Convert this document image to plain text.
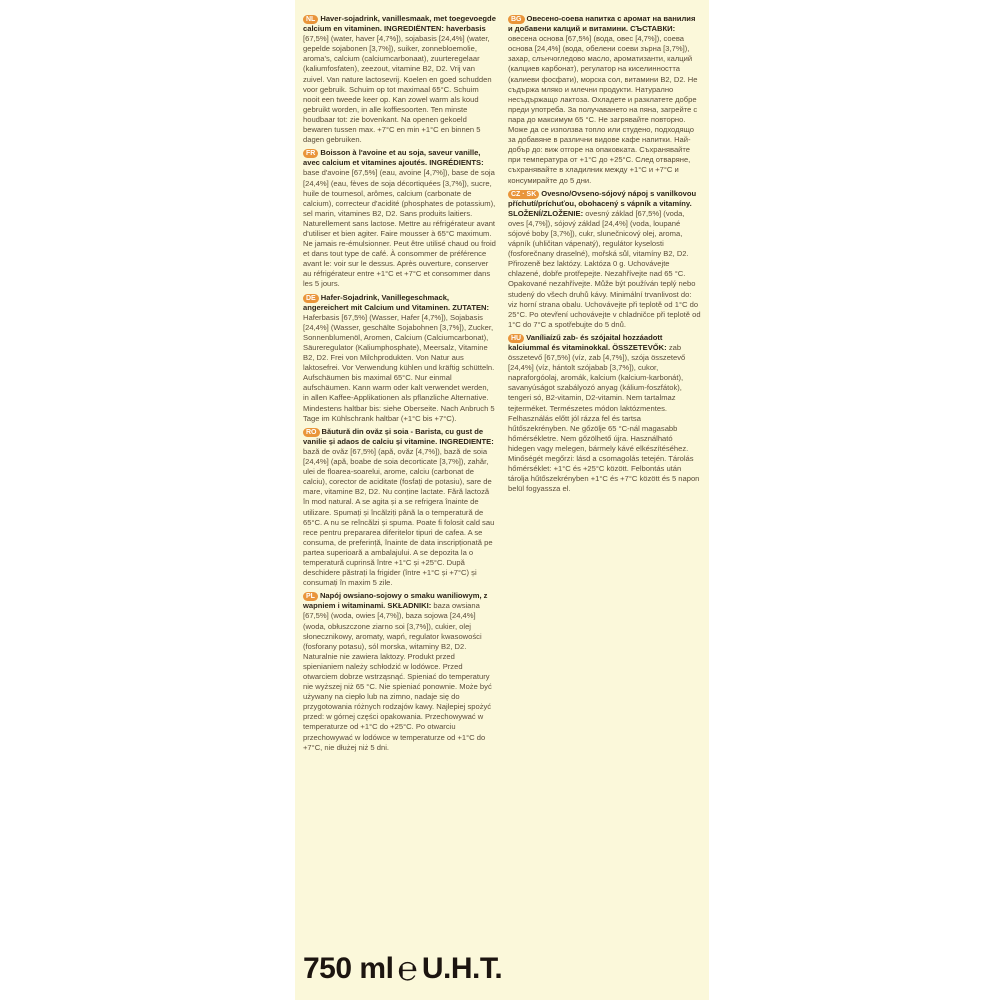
NL Haver-sojadrink, vanillesmaak, met toegevoegde calcium en vitaminen. INGREDIËNTEN: haverbasis [67,5%] (water, haver [4,7%]), sojabasis [24,4%] (water, gepelde sojabonen [3,7%]), suiker, zonnebloemolie, aroma's, calcium (calciumcarbonaat), zuurteregelaar (kaliumfosfaten), zeezout, vitamine B2, D2. Vrij van zuivel. Van nature lactosevrij. Koelen en goed schudden voor gebruik. Schuim op tot maximaal 65°C. Schuim nooit een tweede keer op. Kan zowel warm als koud gebruikt worden, in alle koffiesoorten. Ten minste houdbaar tot: zie bovenkant. Na openen gekoeld bewaren tussen max. +7°C en min +1°C en binnen 5 dagen gebruiken.
FR Boisson à l'avoine et au soja, saveur vanille, avec calcium et vitamines ajoutés. INGRÉDIENTS: base d'avoine [67,5%] (eau, avoine [4,7%]), base de soja [24,4%] (eau, fèves de soja décortiquées [3,7%]), sucre, huile de tournesol, arômes, calcium (carbonate de calcium), correcteur d'acidité (phosphates de potassium), sel marin, vitamines B2, D2. Sans produits laitiers. Naturellement sans lactose. Mettre au réfrigérateur avant d'utiliser et bien agiter. Faire mousser à 65°C maximum. Ne jamais re-émulsionner. Peut être utilisé chaud ou froid et dans tout type de café. À consommer de préférence avant le: voir sur le dessus. Après ouverture, conserver au réfrigérateur entre +1°C et +7°C et consommer dans les 5 jours.
DE Hafer-Sojadrink, Vanillegeschmack, angereichert mit Calcium und Vitaminen. ZUTATEN: Haferbasis [67,5%] (Wasser, Hafer [4,7%]), Sojabasis [24,4%] (Wasser, geschälte Sojabohnen [3,7%]), Zucker, Sonnenblumenöl, Aromen, Calcium (Calciumcarbonat), Säureregulator (Kaliumphosphate), Meersalz, Vitamine B2, D2. Frei von Milchprodukten. Von Natur aus laktosefrei. Vor Verwendung kühlen und kräftig schütteln. Aufschäumen bis maximal 65°C. Nur einmal aufschäumen. Kann warm oder kalt verwendet werden, in allen Kaffee-Applikationen als pflanzliche Alternative. Mindestens haltbar bis: siehe Oberseite. Nach Anbruch 5 Tage im Kühlschrank haltbar (+1°C bis +7°C).
RO Băutură din ovăz și soia - Barista, cu gust de vanilie și adaos de calciu și vitamine. INGREDIENTE: bază de ovăz [67,5%] (apă, ovăz [4,7%]), bază de soia [24,4%] (apă, boabe de soia decorticate [3,7%]), zahăr, ulei de floarea-soarelui, arome, calciu (carbonat de calciu), corector de aciditate (fosfați de potasiu), sare de mare, vitamine B2, D2. Nu conține lactate. Fără lactoză în mod natural. A se agita și a se refrigera înainte de utilizare. Spumați și încălziți până la o temperatură de 65°C. A nu se reîncălzi și spuma. Poate fi folosit cald sau rece pentru prepararea diferitelor tipuri de cafea. A se consuma, de preferință, înainte de data inscripționată pe partea superioară a ambalajului. A se depozita la o temperatură cuprinsă între +1°C și +25°C. După deschidere păstrați la frigider (între +1°C și +7°C) și consumați în maxim 5 zile.
PL Napój owsiano-sojowy o smaku waniliowym, z wapniem i witaminami. SKŁADNIKI: baza owsiana [67,5%] (woda, owies [4,7%]), baza sojowa [24,4%] (woda, obłuszczone ziarno soi [3,7%]), cukier, olej słonecznikowy, aromaty, wapń, regulator kwasowości (fosforany potasu), sól morska, witaminy B2, D2. Naturalnie nie zawiera laktozy. Produkt przed spienianiem należy schłodzić w lodówce. Przed otwarciem dobrze wstrząsnąć. Spieniać do temperatury nie wyższej niż 65 °C. Nie spieniać ponownie. Może być używany na ciepło lub na zimno, nadaje się do przygotowania różnych rodzajów kawy. Najlepiej spożyć przed: w górnej części opakowania. Przechowywać w temperaturze od +1°C do +25°C. Po otwarciu przechowywać w lodówce w temperaturze od +1°C do +7°C, nie dłużej niż 5 dni.
BG Овесено-соева напитка с аромат на ванилия и добавени калций и витамини. СЪСТАВКИ: овесена основа [67,5%] (вода, овес [4,7%]), соева основа [24,4%] (вода, обелени соеви зърна [3,7%]), захар, слънчогледово масло, ароматизанти, калций (калциев карбонат), регулатор на киселинността (калиеви фосфати), морска сол, витамини B2, D2. Не съдържа мляко и млечни продукти. Натурално несъдържащо лактоза. Охладете и разклатете добре преди употреба. За получаването на пяна, загрейте с пара до максимум 65 °C. Не загрявайте повторно. Може да се използва топло или студено, подходящо за добавяне в различни видове кафе напитки. Най-добър до: виж отгоре на опаковката. Съхранявайте при температура от +1°C до +25°C. След отваряне, съхранявайте в хладилник между +1°C и +7°C и консумирайте до 5 дни.
CZ · SK Ovesno/Ovseno-sójový nápoj s vanilkovou příchutí/príchuťou, obohacený s vápník a vitamíny. SLOŽENÍ/ZLOŽENIE: ovesný základ [67,5%] (voda, oves [4,7%]), sójový základ [24,4%] (voda, loupané sójové boby [3,7%]), cukr, slunečnicový olej, aroma, vápník (uhličitan vápenatý), regulátor kyselosti (fosforečnany draselné), mořská sůl, vitamíny B2, D2. Přirozeně bez laktózy. Laktóza 0 g. Uchovávejte chlazené, dobře protřepejte. Nezahřívejte nad 65 °C. Opakované nezahřívejte. Může být používán teplý nebo studený do všech druhů kávy. Minimální trvanlivost do: viz horní strana obalu. Uchovávejte při teplotě od 1°C do 25°C. Po otevření uchovávejte v chladničce při teplotě od 1°C do 7°C a spotřebujte do 5 dnů.
HU Vaníliaízű zab- és szójaital hozzáadott kalciummal és vitaminokkal. ÖSSZETEVŐK: zab összetevő [67,5%] (víz, zab [4,7%]), szója összetevő [24,4%] (víz, hántolt szójabab [3,7%]), cukor, napraforgóolaj, aromák, kalcium (kalcium-karbonát), savanyúságot szabályozó anyag (kálium-foszfátok), tengeri só, B2-vitamin, D2-vitamin. Nem tartalmaz tejterméket. Természetes módon laktózmentes. Felhasználás előtt jól rázza fel és tartsa hűtőszekrényben. Ne gőzölje 65 °C-nál magasabb hőmérsékletre. Nem gőzölhető újra. Használható hidegen vagy melegen, bármely kávé elkészítéséhez. Minőségét megőrzi: lásd a csomagolás tetején. Tárolás hőmérséklet: +1°C és +25°C között. Felbontás után tárolja hűtőszekrényben +1°C és +7°C között és 5 napon belül fogyassza el.
750 ml ℮ U.H.T.
